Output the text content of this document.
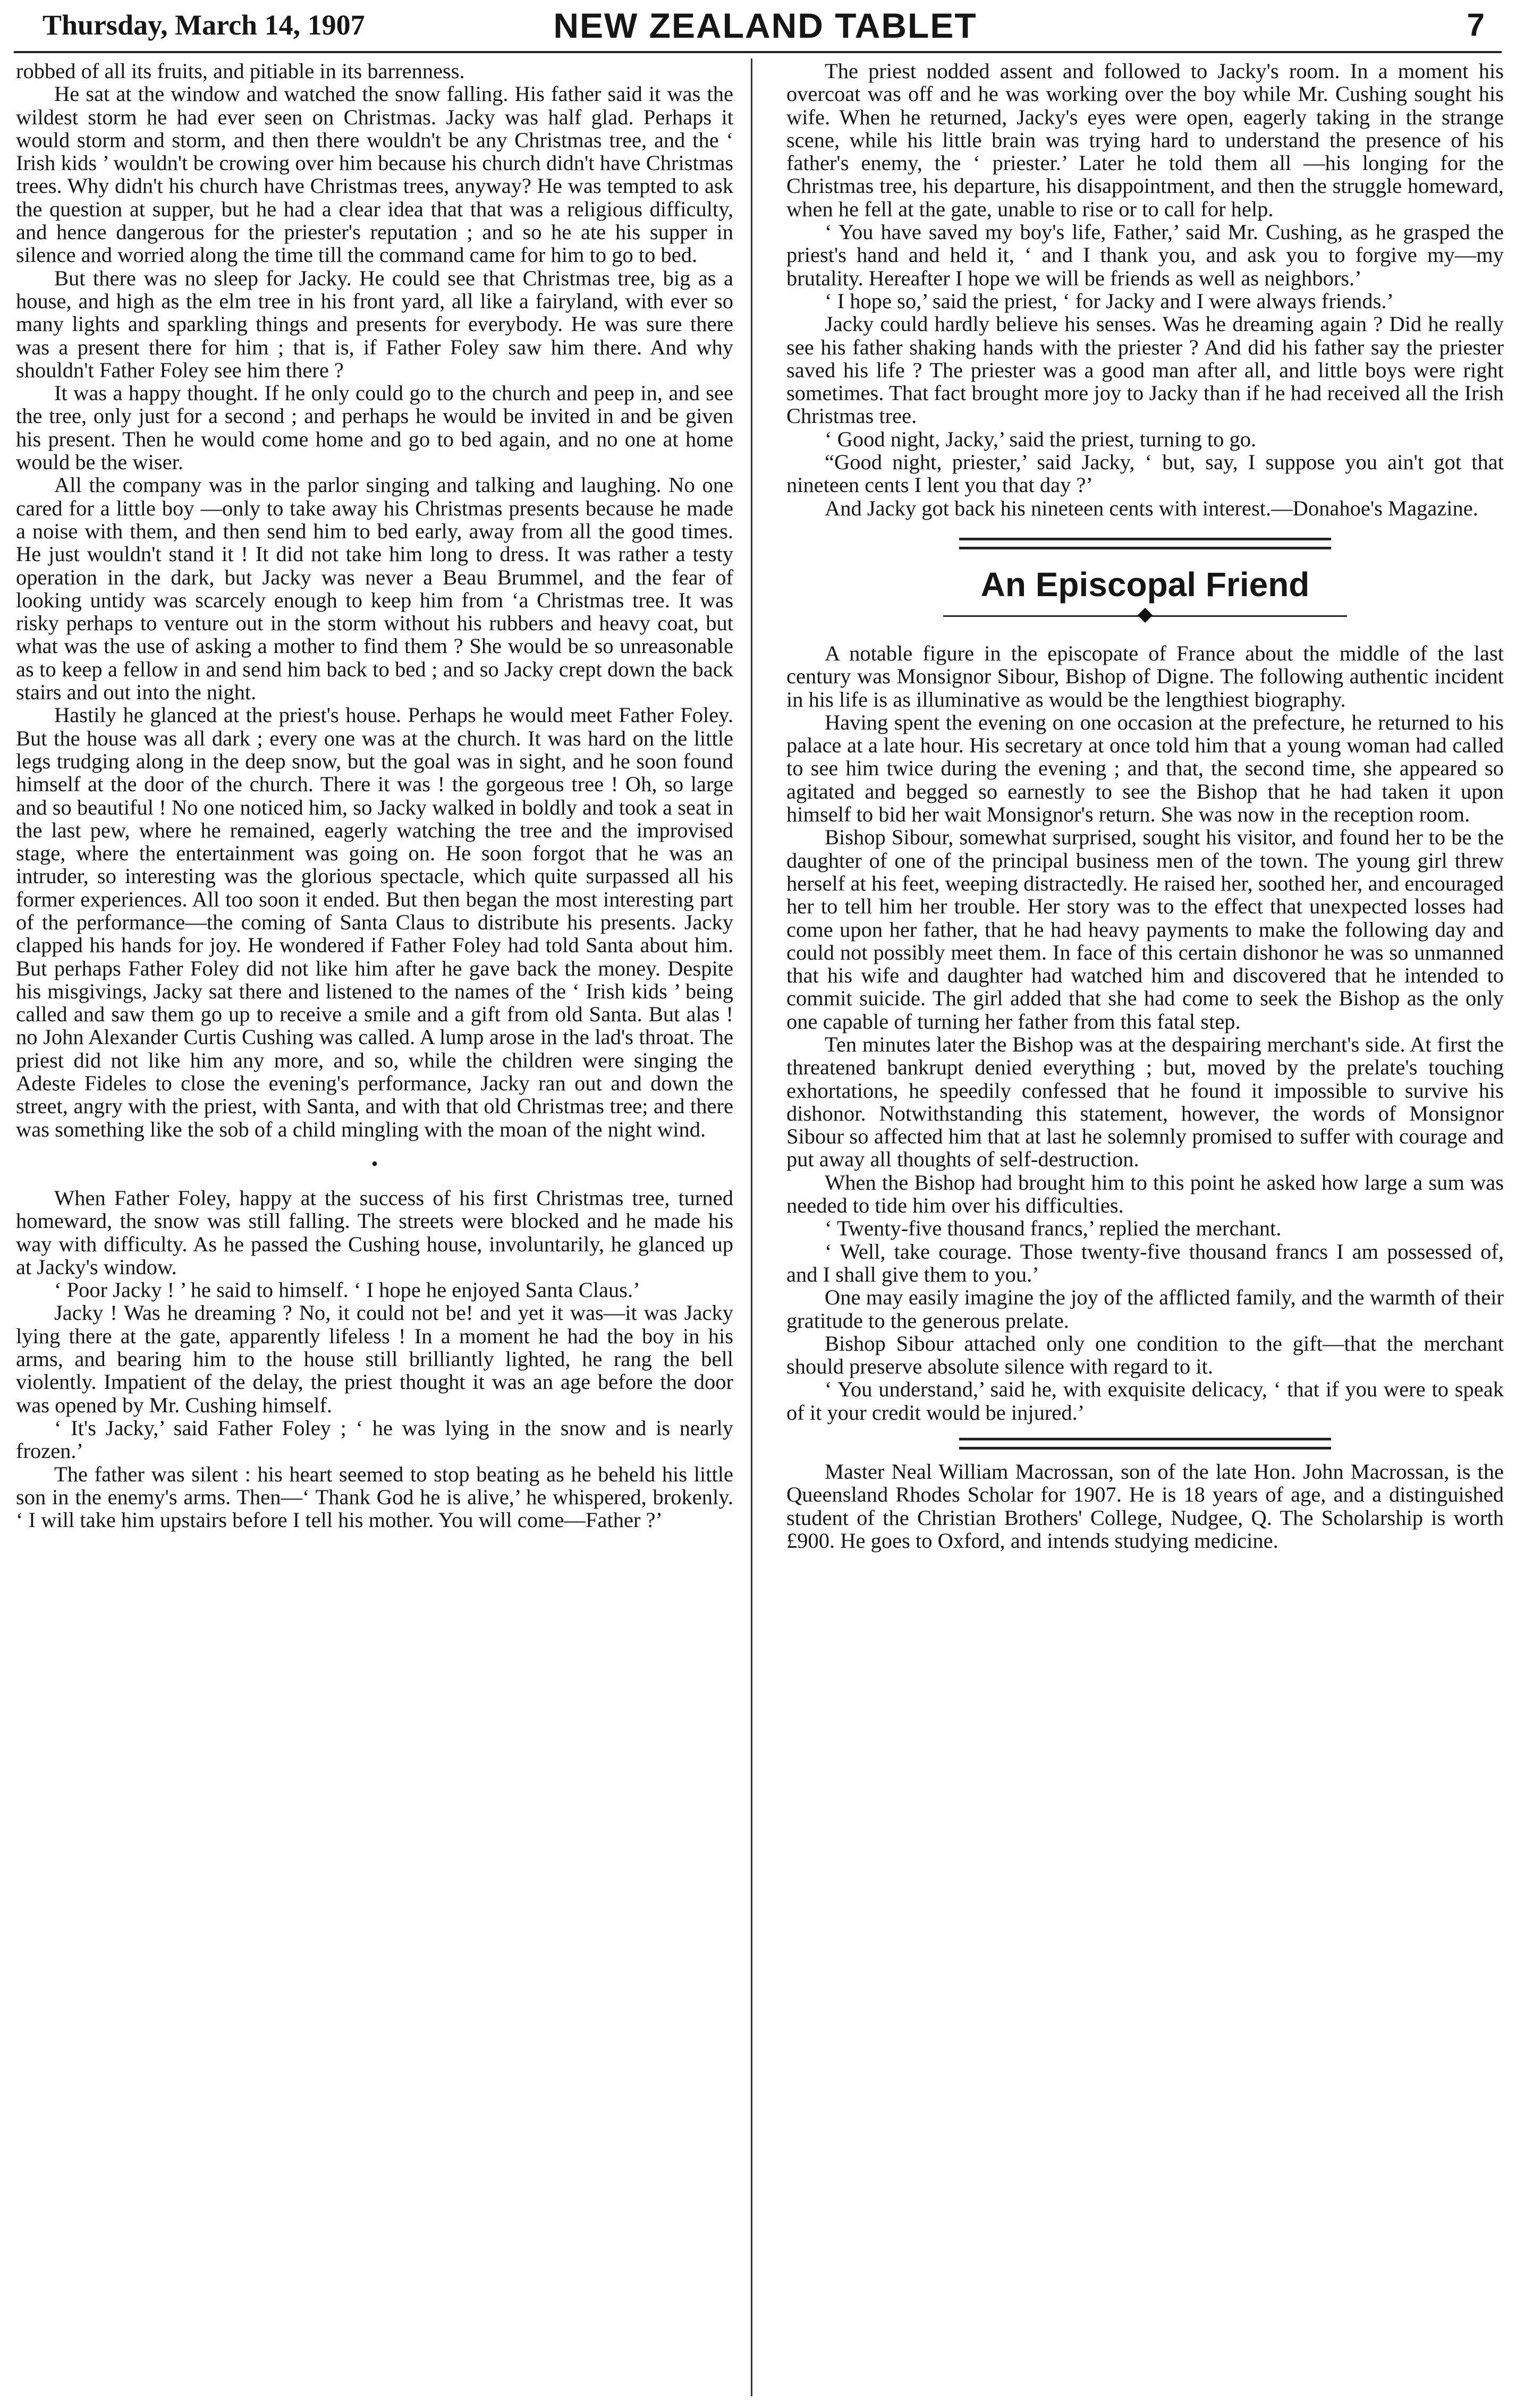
Thursday, March 14, 1907	NEW ZEALAND TABLET	7

robbed of all its fruits, and pitiable in its barrenness.

He sat at the window and watched the snow falling. His father said it was the wildest storm he had ever seen on Christmas. Jacky was half glad. Perhaps it would storm and storm, and then there wouldn't be any Christmas tree, and the ‘ Irish kids ’ wouldn't be crowing over him because his church didn't have Christmas trees. Why didn't his church have Christmas trees, anyway? He was tempted to ask the question at supper, but he had a clear idea that that was a religious difficulty, and hence dangerous for the priester's reputation ; and so he ate his supper in silence and worried along the time till the command came for him to go to bed.

But there was no sleep for Jacky. He could see that Christmas tree, big as a house, and high as the elm tree in his front yard, all like a fairyland, with ever so many lights and sparkling things and presents for everybody. He was sure there was a present there for him ; that is, if Father Foley saw him there. And why shouldn't Father Foley see him there ?

It was a happy thought. If he only could go to the church and peep in, and see the tree, only just for a second ; and perhaps he would be invited in and be given his present. Then he would come home and go to bed again, and no one at home would be the wiser.

All the company was in the parlor singing and talking and laughing. No one cared for a little boy —only to take away his Christmas presents because he made a noise with them, and then send him to bed early, away from all the good times. He just wouldn't stand it ! It did not take him long to dress. It was rather a testy operation in the dark, but Jacky was never a Beau Brummel, and the fear of looking untidy was scarcely enough to keep him from ‘a Christmas tree. It was risky perhaps to venture out in the storm without his rubbers and heavy coat, but what was the use of asking a mother to find them ? She would be so unreasonable as to keep a fellow in and send him back to bed ; and so Jacky crept down the back stairs and out into the night.

Hastily he glanced at the priest's house. Perhaps he would meet Father Foley. But the house was all dark ; every one was at the church. It was hard on the little legs trudging along in the deep snow, but the goal was in sight, and he soon found himself at the door of the church. There it was ! the gorgeous tree ! Oh, so large and so beautiful ! No one noticed him, so Jacky walked in boldly and took a seat in the last pew, where he remained, eagerly watching the tree and the improvised stage, where the entertainment was going on. He soon forgot that he was an intruder, so interesting was the glorious spectacle, which quite surpassed all his former experiences. All too soon it ended. But then began the most interesting part of the performance—the coming of Santa Claus to distribute his presents. Jacky clapped his hands for joy. He wondered if Father Foley had told Santa about him. But perhaps Father Foley did not like him after he gave back the money. Despite his misgivings, Jacky sat there and listened to the names of the ‘ Irish kids ’ being called and saw them go up to receive a smile and a gift from old Santa. But alas ! no John Alexander Curtis Cushing was called. A lump arose in the lad's throat. The priest did not like him any more, and so, while the children were singing the Adeste Fideles to close the evening's performance, Jacky ran out and down the street, angry with the priest, with Santa, and with that old Christmas tree; and there was something like the sob of a child mingling with the moan of the night wind.

•

When Father Foley, happy at the success of his first Christmas tree, turned homeward, the snow was still falling. The streets were blocked and he made his way with difficulty. As he passed the Cushing house, involuntarily, he glanced up at Jacky's window.

‘ Poor Jacky ! ’ he said to himself. ‘ I hope he enjoyed Santa Claus.’

Jacky ! Was he dreaming ? No, it could not be! and yet it was—it was Jacky lying there at the gate, apparently lifeless ! In a moment he had the boy in his arms, and bearing him to the house still brilliantly lighted, he rang the bell violently. Impatient of the delay, the priest thought it was an age before the door was opened by Mr. Cushing himself.

‘ It's Jacky,’ said Father Foley ; ‘ he was lying in the snow and is nearly frozen.’

The father was silent : his heart seemed to stop beating as he beheld his little son in the enemy's arms. Then—‘ Thank God he is alive,’ he whispered, brokenly. ‘ I will take him upstairs before I tell his mother. You will come—Father ?’

The priest nodded assent and followed to Jacky's room. In a moment his overcoat was off and he was working over the boy while Mr. Cushing sought his wife. When he returned, Jacky's eyes were open, eagerly taking in the strange scene, while his little brain was trying hard to understand the presence of his father's enemy, the ‘ priester.’ Later he told them all —his longing for the Christmas tree, his departure, his disappointment, and then the struggle homeward, when he fell at the gate, unable to rise or to call for help.

‘ You have saved my boy's life, Father,’ said Mr. Cushing, as he grasped the priest's hand and held it, ‘ and I thank you, and ask you to forgive my—my brutality. Hereafter I hope we will be friends as well as neighbors.’

‘ I hope so,’ said the priest, ‘ for Jacky and I were always friends.’

Jacky could hardly believe his senses. Was he dreaming again ? Did he really see his father shaking hands with the priester ? And did his father say the priester saved his life ? The priester was a good man after all, and little boys were right sometimes. That fact brought more joy to Jacky than if he had received all the Irish Christmas tree.

‘ Good night, Jacky,’ said the priest, turning to go.

“Good night, priester,’ said Jacky, ‘ but, say, I suppose you ain't got that nineteen cents I lent you that day ?’

And Jacky got back his nineteen cents with interest.—Donahoe's Magazine.

An Episcopal Friend

A notable figure in the episcopate of France about the middle of the last century was Monsignor Sibour, Bishop of Digne. The following authentic incident in his life is as illuminative as would be the lengthiest biography.

Having spent the evening on one occasion at the prefecture, he returned to his palace at a late hour. His secretary at once told him that a young woman had called to see him twice during the evening ; and that, the second time, she appeared so agitated and begged so earnestly to see the Bishop that he had taken it upon himself to bid her wait Monsignor's return. She was now in the reception room.

Bishop Sibour, somewhat surprised, sought his visitor, and found her to be the daughter of one of the principal business men of the town. The young girl threw herself at his feet, weeping distractedly. He raised her, soothed her, and encouraged her to tell him her trouble. Her story was to the effect that unexpected losses had come upon her father, that he had heavy payments to make the following day and could not possibly meet them. In face of this certain dishonor he was so unmanned that his wife and daughter had watched him and discovered that he intended to commit suicide. The girl added that she had come to seek the Bishop as the only one capable of turning her father from this fatal step.

Ten minutes later the Bishop was at the despairing merchant's side. At first the threatened bankrupt denied everything ; but, moved by the prelate's touching exhortations, he speedily confessed that he found it impossible to survive his dishonor. Notwithstanding this statement, however, the words of Monsignor Sibour so affected him that at last he solemnly promised to suffer with courage and put away all thoughts of self-destruction.

When the Bishop had brought him to this point he asked how large a sum was needed to tide him over his difficulties.

‘ Twenty-five thousand francs,’ replied the merchant.

‘ Well, take courage. Those twenty-five thousand francs I am possessed of, and I shall give them to you.’

One may easily imagine the joy of the afflicted family, and the warmth of their gratitude to the generous prelate.

Bishop Sibour attached only one condition to the gift—that the merchant should preserve absolute silence with regard to it.

‘ You understand,’ said he, with exquisite delicacy, ‘ that if you were to speak of it your credit would be injured.’

Master Neal William Macrossan, son of the late Hon. John Macrossan, is the Queensland Rhodes Scholar for 1907. He is 18 years of age, and a distinguished student of the Christian Brothers' College, Nudgee, Q. The Scholarship is worth £900. He goes to Oxford, and intends studying medicine.
